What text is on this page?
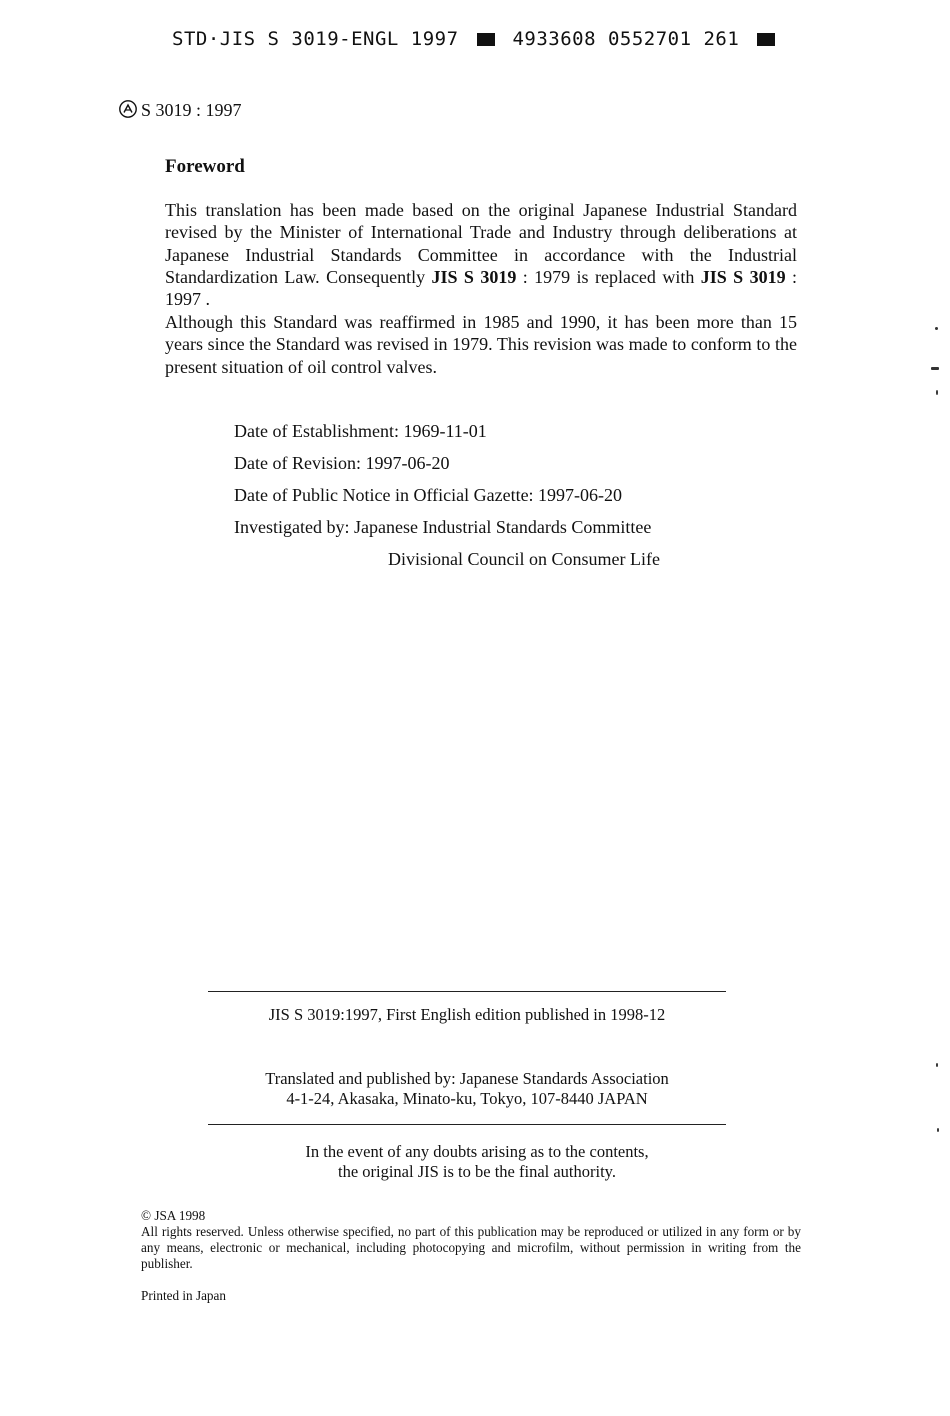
STD·JIS S 3019-ENGL 1997	4933608 0552701 261
S 3019 : 1997
Foreword
This translation has been made based on the original Japanese Industrial Standard revised by the Minister of International Trade and Industry through deliberations at Japanese Industrial Standards Committee in accordance with the Industrial Standardization Law. Consequently JIS S 3019 : 1979 is replaced with JIS S 3019 : 1997 .
Although this Standard was reaffirmed in 1985 and 1990, it has been more than 15 years since the Standard was revised in 1979. This revision was made to conform to the present situation of oil control valves.
Date of Establishment: 1969-11-01
Date of Revision: 1997-06-20
Date of Public Notice in Official Gazette: 1997-06-20
Investigated by: Japanese Industrial Standards Committee
Divisional Council on Consumer Life
JIS S 3019:1997, First English edition published in 1998-12
Translated and published by: Japanese Standards Association
4-1-24, Akasaka, Minato-ku, Tokyo, 107-8440 JAPAN
In the event of any doubts arising as to the contents,
the original JIS is to be the final authority.
© JSA 1998
All rights reserved. Unless otherwise specified, no part of this publication may be reproduced or utilized in any form or by any means, electronic or mechanical, including photocopying and microfilm, without permission in writing from the publisher.
Printed in Japan
